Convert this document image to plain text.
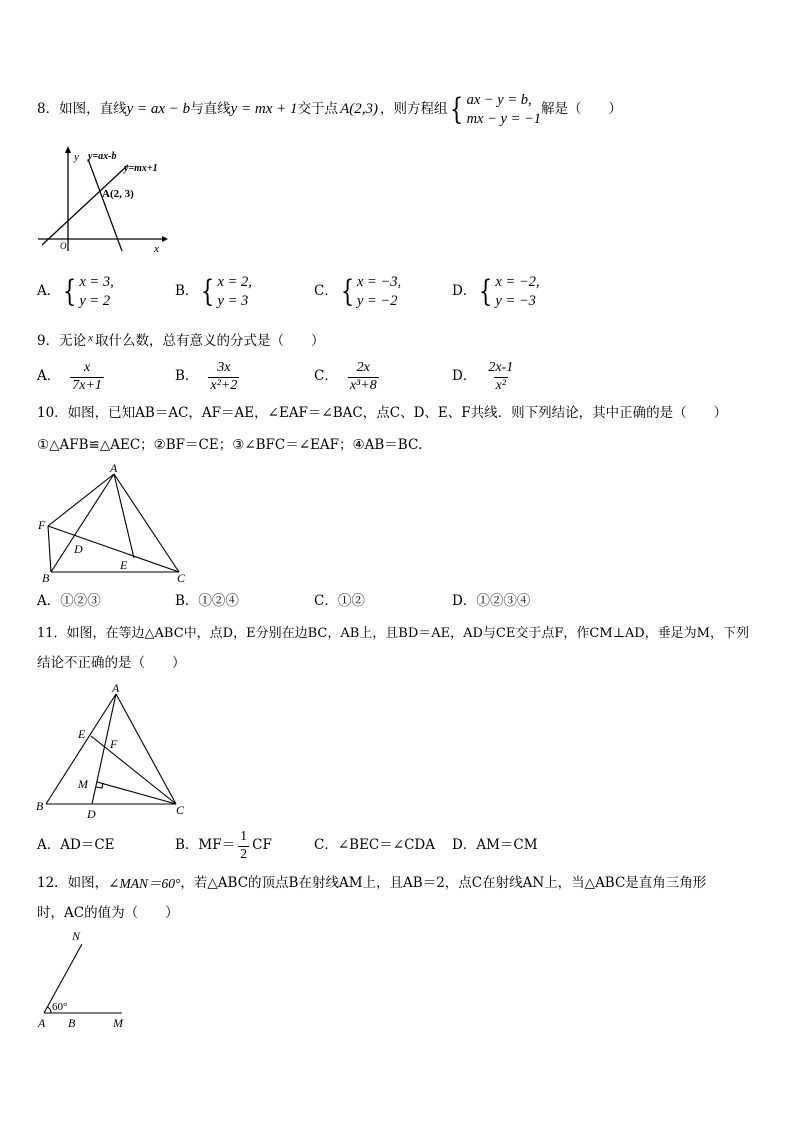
8．如图，直线 y = ax − b 与直线 y = mx + 1 交于点 A(2,3) ，则方程组 { ax − y = b,
mx − y = −1
解是（　　）
y
x
y=ax-b
y=mx+1
A(2, 3)
O
A． { x = 3,
y = 2
B． { x = 2,
y = 3
C． { x = −3,
y = −2
D． { x = −2,
y = −3
9．无论 x 取什么数，总有意义的分式是（　　）
A． $\frac{x}{7x+1}$	B． $\frac{3x}{\text{x²+2}}$	C． $\frac{2x}{\text{x³+8}}$	D． $\frac{2x-1}{\text{x²}}$
10．如图，已知AB＝AC，AF＝AE，∠EAF＝∠BAC，点C、D、E、F共线．则下列结论，其中正确的是（　　）
①△AFB≌△AEC；②BF＝CE；③∠BFC＝∠EAF；④AB＝BC．
A
F
D
E
B	C
A．①②③	B．①②④	C．①②	D．①②③④
11．如图，在等边△ABC中，点D，E分别在边BC，AB上，且BD＝AE，AD与CE交于点F，作CM⊥AD，垂足为M，下列
结论不正确的是（　　）
A
E
F
M
B
D	C
A．AD＝CE	B． $MF= \frac{1}{2}$ CF	C．∠BEC＝∠CDA D．AM＝CM
12．如图， ∠MAN＝60° ，若△ABC的顶点B在射线AM上，且AB＝2，点C在射线AN上，当△ABC是直角三角形
时，AC的值为（　　）
N
60°
A B	M
